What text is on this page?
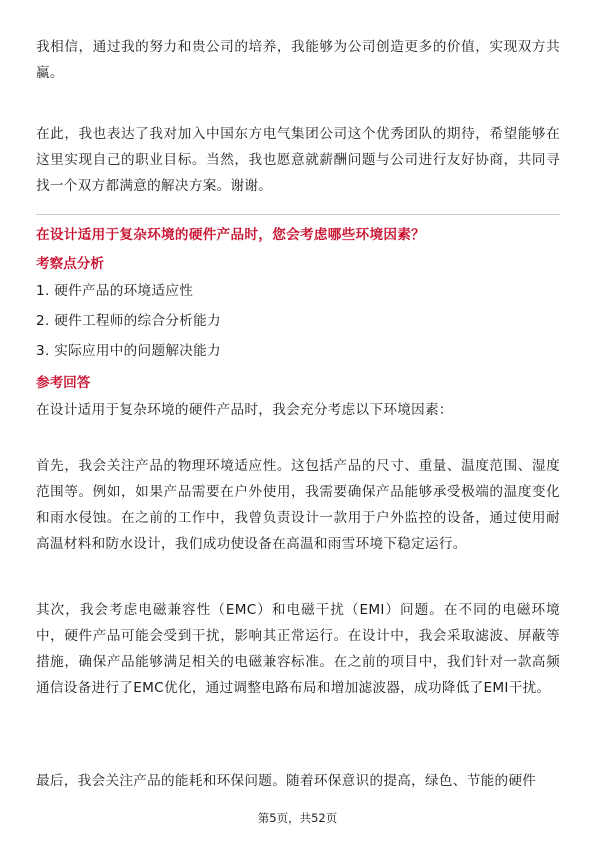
我相信，通过我的努力和贵公司的培养，我能够为公司创造更多的价值，实现双方共赢。

在此，我也表达了我对加入中国东方电气集团公司这个优秀团队的期待，希望能够在这里实现自己的职业目标。当然，我也愿意就薪酬问题与公司进行友好协商，共同寻找一个双方都满意的解决方案。谢谢。

在设计适用于复杂环境的硬件产品时，您会考虑哪些环境因素？
考察点分析
1. 硬件产品的环境适应性
2. 硬件工程师的综合分析能力
3. 实际应用中的问题解决能力
参考回答

在设计适用于复杂环境的硬件产品时，我会充分考虑以下环境因素：

首先，我会关注产品的物理环境适应性。这包括产品的尺寸、重量、温度范围、湿度范围等。例如，如果产品需要在户外使用，我需要确保产品能够承受极端的温度变化和雨水侵蚀。在之前的工作中，我曾负责设计一款用于户外监控的设备，通过使用耐高温材料和防水设计，我们成功使设备在高温和雨雪环境下稳定运行。

其次，我会考虑电磁兼容性（EMC）和电磁干扰（EMI）问题。在不同的电磁环境中，硬件产品可能会受到干扰，影响其正常运行。在设计中，我会采取滤波、屏蔽等措施，确保产品能够满足相关的电磁兼容标准。在之前的项目中，我们针对一款高频通信设备进行了EMC优化，通过调整电路布局和增加滤波器，成功降低了EMI干扰。

最后，我会关注产品的能耗和环保问题。随着环保意识的提高，绿色、节能的硬件

第5页，共52页
